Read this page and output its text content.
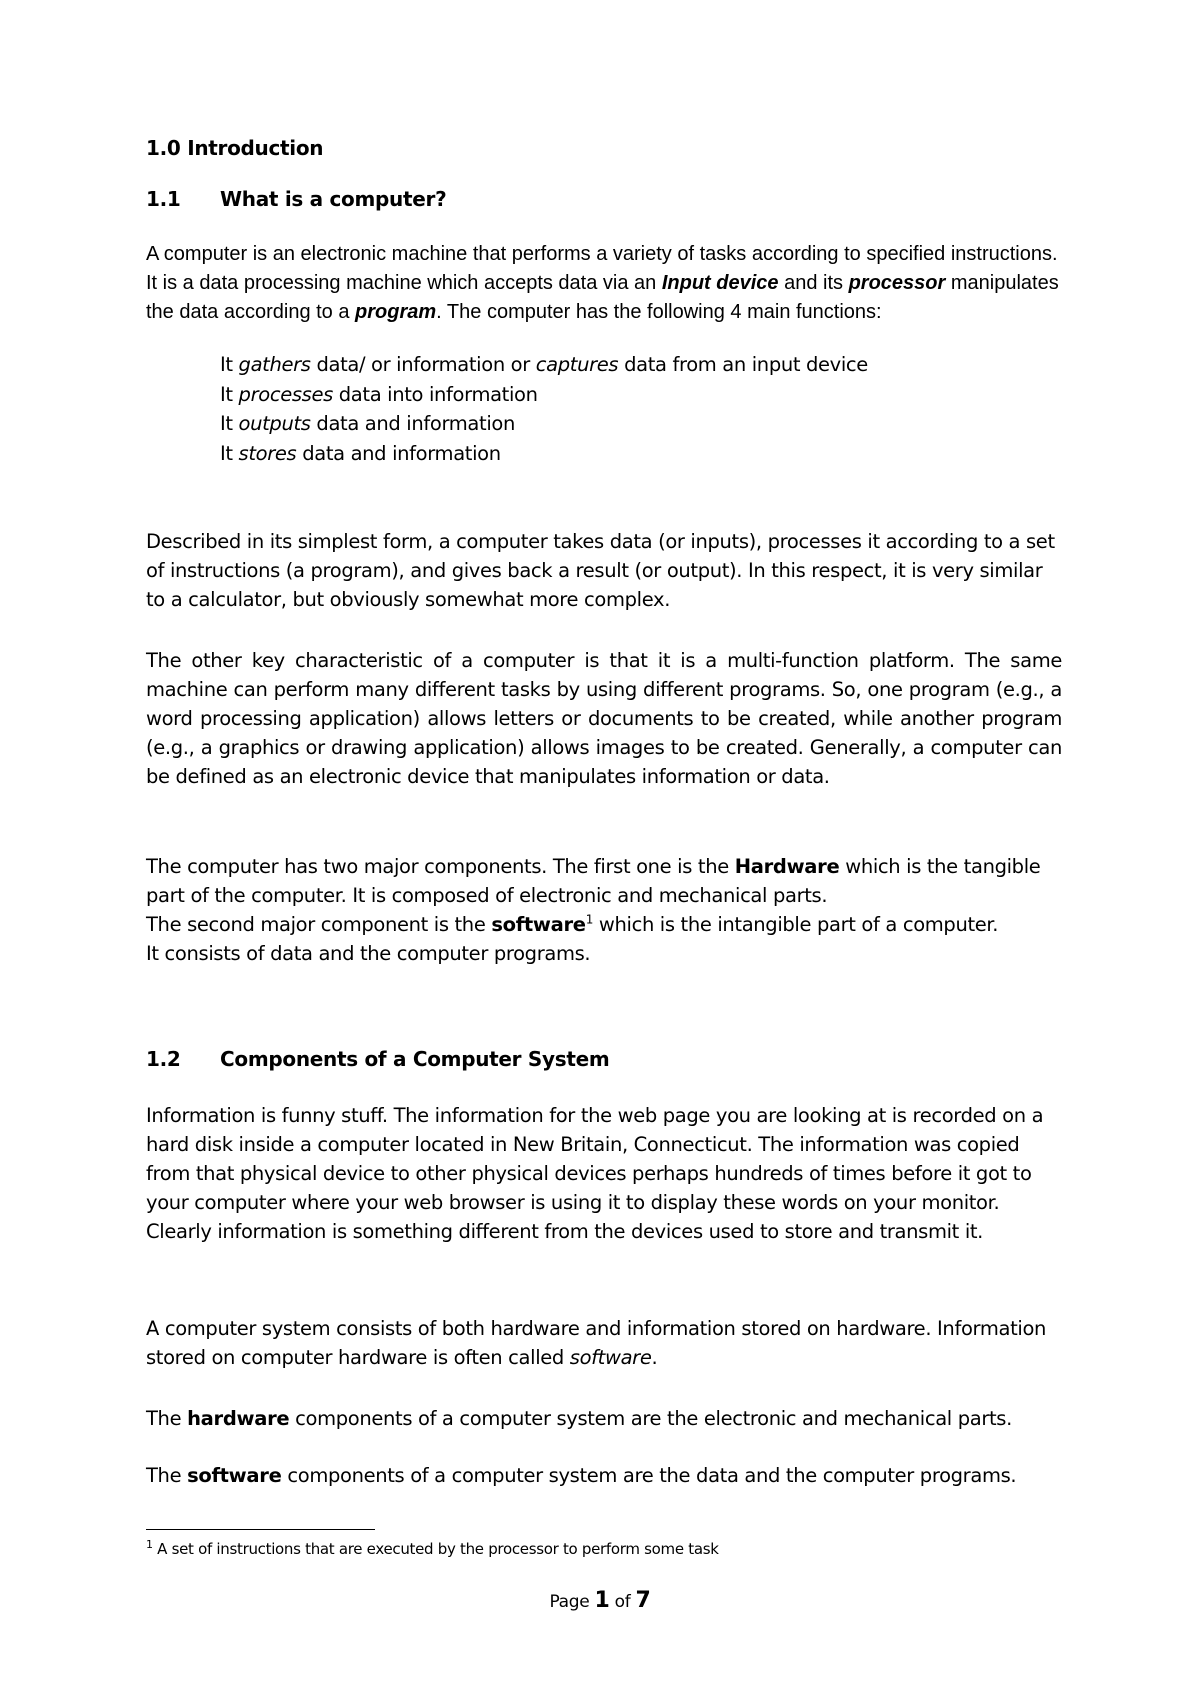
1.0 Introduction
1.1 What is a computer?

A computer is an electronic machine that performs a variety of tasks according to specified instructions. It is a data processing machine which accepts data via an Input device and its processor manipulates the data according to a program. The computer has the following 4 main functions:

It gathers data/ or information or captures data from an input device
It processes data into information
It outputs data and information
It stores data and information

Described in its simplest form, a computer takes data (or inputs), processes it according to a set of instructions (a program), and gives back a result (or output). In this respect, it is very similar to a calculator, but obviously somewhat more complex.

The other key characteristic of a computer is that it is a multi-function platform. The same machine can perform many different tasks by using different programs. So, one program (e.g., a word processing application) allows letters or documents to be created, while another program (e.g., a graphics or drawing application) allows images to be created. Generally, a computer can be defined as an electronic device that manipulates information or data.

The computer has two major components. The first one is the Hardware which is the tangible part of the computer. It is composed of electronic and mechanical parts.
The second major component is the software$^1$ which is the intangible part of a computer.
It consists of data and the computer programs.

1.2 Components of a Computer System

Information is funny stuff. The information for the web page you are looking at is recorded on a hard disk inside a computer located in New Britain, Connecticut. The information was copied from that physical device to other physical devices perhaps hundreds of times before it got to your computer where your web browser is using it to display these words on your monitor. Clearly information is something different from the devices used to store and transmit it.

A computer system consists of both hardware and information stored on hardware. Information stored on computer hardware is often called software.

The hardware components of a computer system are the electronic and mechanical parts.

The software components of a computer system are the data and the computer programs.

$^1$ A set of instructions that are executed by the processor to perform some task
Page 1 of 7
